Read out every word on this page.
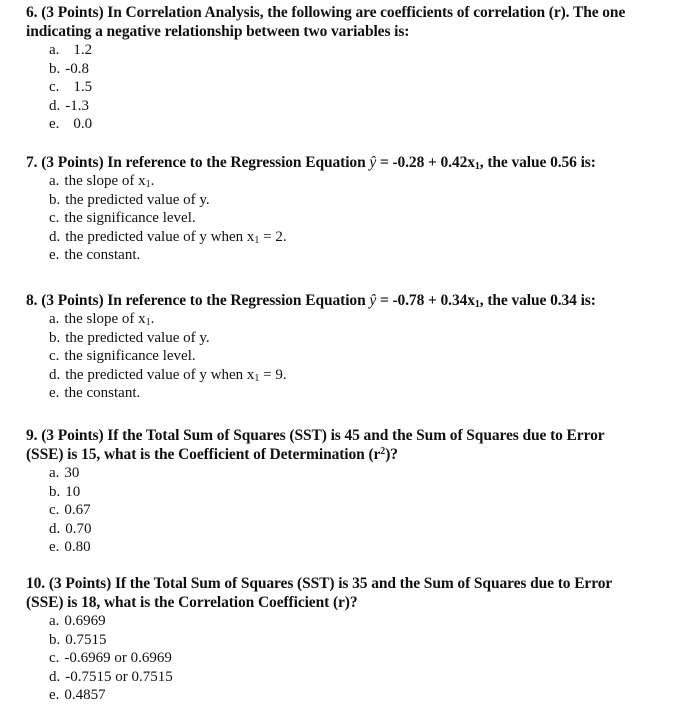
6. (3 Points) In Correlation Analysis, the following are coefficients of correlation (r). The one
indicating a negative relationship between two variables is:

a. 1.2
b. -0.8
c. 1.5
d. -1.3
e. 0.0

7. (3 Points) In reference to the Regression Equation ŷ = $-0.28 + 0.42x_1$, the value 0.56 is:

a. the slope of $x_1$.
b. the predicted value of y.
c. the significance level.
d. the predicted value of y when $x_1 = 2$.
e. the constant.

8. (3 Points) In reference to the Regression Equation ŷ = $-0.78 + 0.34x_1$, the value 0.34 is:

a. the slope of $x_1$.
b. the predicted value of y.
c. the significance level.
d. the predicted value of y when $x_1 = 9$.
e. the constant.

9. (3 Points) If the Total Sum of Squares (SST) is 45 and the Sum of Squares due to Error
(SSE) is 15, what is the Coefficient of Determination $(r^2)$?

a. 30
b. 10
c. 0.67
d. 0.70
e. 0.80

10. (3 Points) If the Total Sum of Squares (SST) is 35 and the Sum of Squares due to Error
(SSE) is 18, what is the Correlation Coefficient (r)?

a. 0.6969
b. 0.7515
c. -0.6969 or 0.6969
d. -0.7515 or 0.7515
e. 0.4857
